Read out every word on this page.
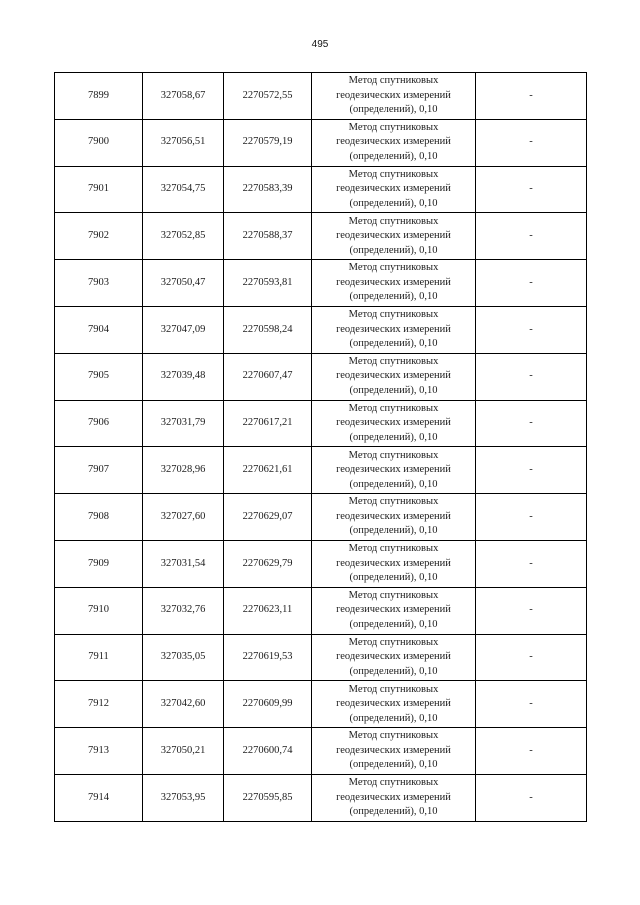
495
7899	327058,67	2270572,55	Метод спутниковых
геодезических измерений
(определений), 0,10	-
7900	327056,51	2270579,19	Метод спутниковых
геодезических измерений
(определений), 0,10	-
7901	327054,75	2270583,39	Метод спутниковых
геодезических измерений
(определений), 0,10	-
7902	327052,85	2270588,37	Метод спутниковых
геодезических измерений
(определений), 0,10	-
7903	327050,47	2270593,81	Метод спутниковых
геодезических измерений
(определений), 0,10	-
7904	327047,09	2270598,24	Метод спутниковых
геодезических измерений
(определений), 0,10	-
7905	327039,48	2270607,47	Метод спутниковых
геодезических измерений
(определений), 0,10	-
7906	327031,79	2270617,21	Метод спутниковых
геодезических измерений
(определений), 0,10	-
7907	327028,96	2270621,61	Метод спутниковых
геодезических измерений
(определений), 0,10	-
7908	327027,60	2270629,07	Метод спутниковых
геодезических измерений
(определений), 0,10	-
7909	327031,54	2270629,79	Метод спутниковых
геодезических измерений
(определений), 0,10	-
7910	327032,76	2270623,11	Метод спутниковых
геодезических измерений
(определений), 0,10	-
7911	327035,05	2270619,53	Метод спутниковых
геодезических измерений
(определений), 0,10	-
7912	327042,60	2270609,99	Метод спутниковых
геодезических измерений
(определений), 0,10	-
7913	327050,21	2270600,74	Метод спутниковых
геодезических измерений
(определений), 0,10	-
7914	327053,95	2270595,85	Метод спутниковых
геодезических измерений
(определений), 0,10	-
